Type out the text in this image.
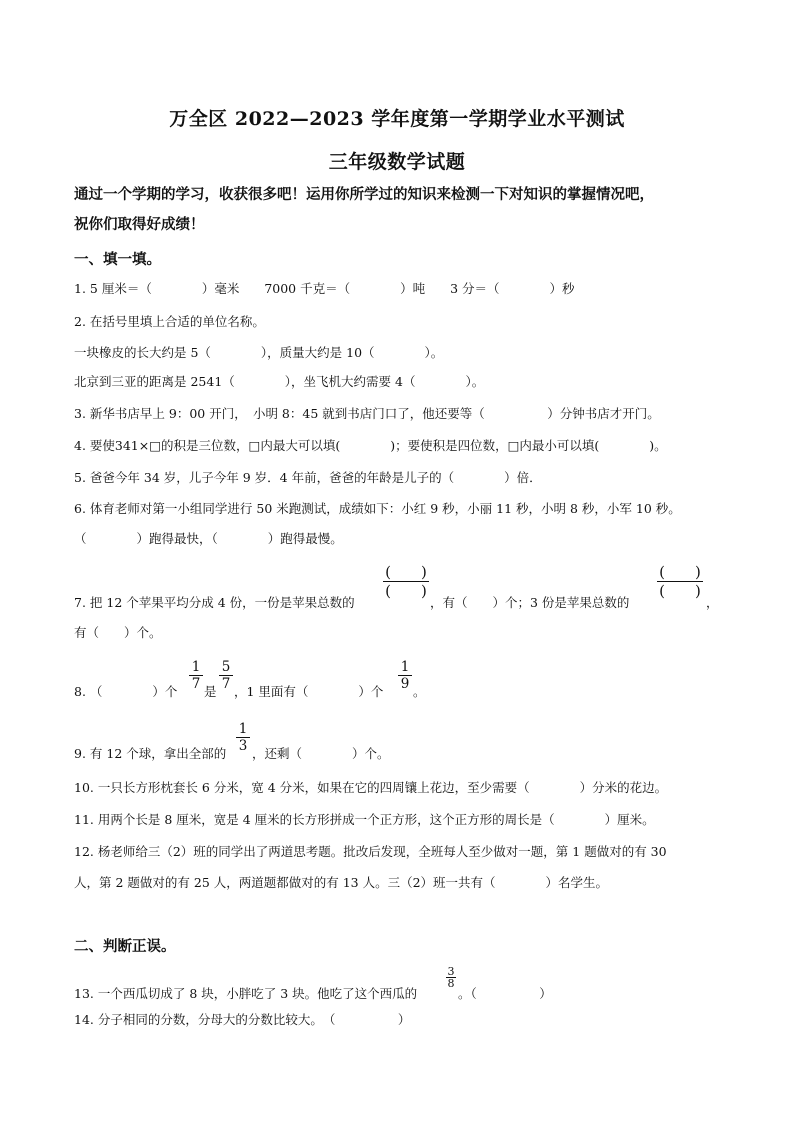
万全区 2022—2023 学年度第一学期学业水平测试
三年级数学试题
通过一个学期的学习，收获很多吧！运用你所学过的知识来检测一下对知识的掌握情况吧，
祝你们取得好成绩！
一、填一填。
1. 5 厘米＝（　　　　）毫米　　7000 千克＝（　　　　）吨　　3 分＝（　　　　）秒
2. 在括号里填上合适的单位名称。
一块橡皮的长大约是 5（　　　　），质量大约是 10（　　　　）。
北京到三亚的距离是 2541（　　　　），坐飞机大约需要 4（　　　　）。
3. 新华书店早上 9：00 开门，　小明 8：45 就到书店门口了，他还要等（　　　　　）分钟书店才开门。
4. 要使341×□的积是三位数，□内最大可以填(　　　　)；要使积是四位数，□内最小可以填(　　　　)。
5. 爸爸今年 34 岁，儿子今年 9 岁．4 年前，爸爸的年龄是儿子的（　　　　）倍．
6. 体育老师对第一小组同学进行 50 米跑测试，成绩如下：小红 9 秒，小丽 11 秒，小明 8 秒，小军 10 秒。
（　　　　）跑得最快，（　　　　）跑得最慢。
7. 把 12 个苹果平均分成 4 份，一份是苹果总数的
(　　)
(　　)
，有（　　）个；3 份是苹果总数的
(　　)
(　　)
，
有（　　）个。
8. （　　　　）个
$\frac{1}{7}$
是
$\frac{5}{7}$
，1 里面有（　　　　）个
$\frac{1}{9}$
。
9. 有 12 个球，拿出全部的
$\frac{1}{3}$
，还剩（　　　　）个。
10. 一只长方形枕套长 6 分米，宽 4 分米，如果在它的四周镶上花边，至少需要（　　　　）分米的花边。
11. 用两个长是 8 厘米，宽是 4 厘米的长方形拼成一个正方形，这个正方形的周长是（　　　　）厘米。
12. 杨老师给三（2）班的同学出了两道思考题。批改后发现，全班每人至少做对一题，第 1 题做对的有 30
人，第 2 题做对的有 25 人，两道题都做对的有 13 人。三（2）班一共有（　　　　）名学生。
二、判断正误。
13. 一个西瓜切成了 8 块，小胖吃了 3 块。他吃了这个西瓜的
$\frac{3}{8}$
。（　　　　　）
14. 分子相同的分数，分母大的分数比较大。　（　　　　　）
